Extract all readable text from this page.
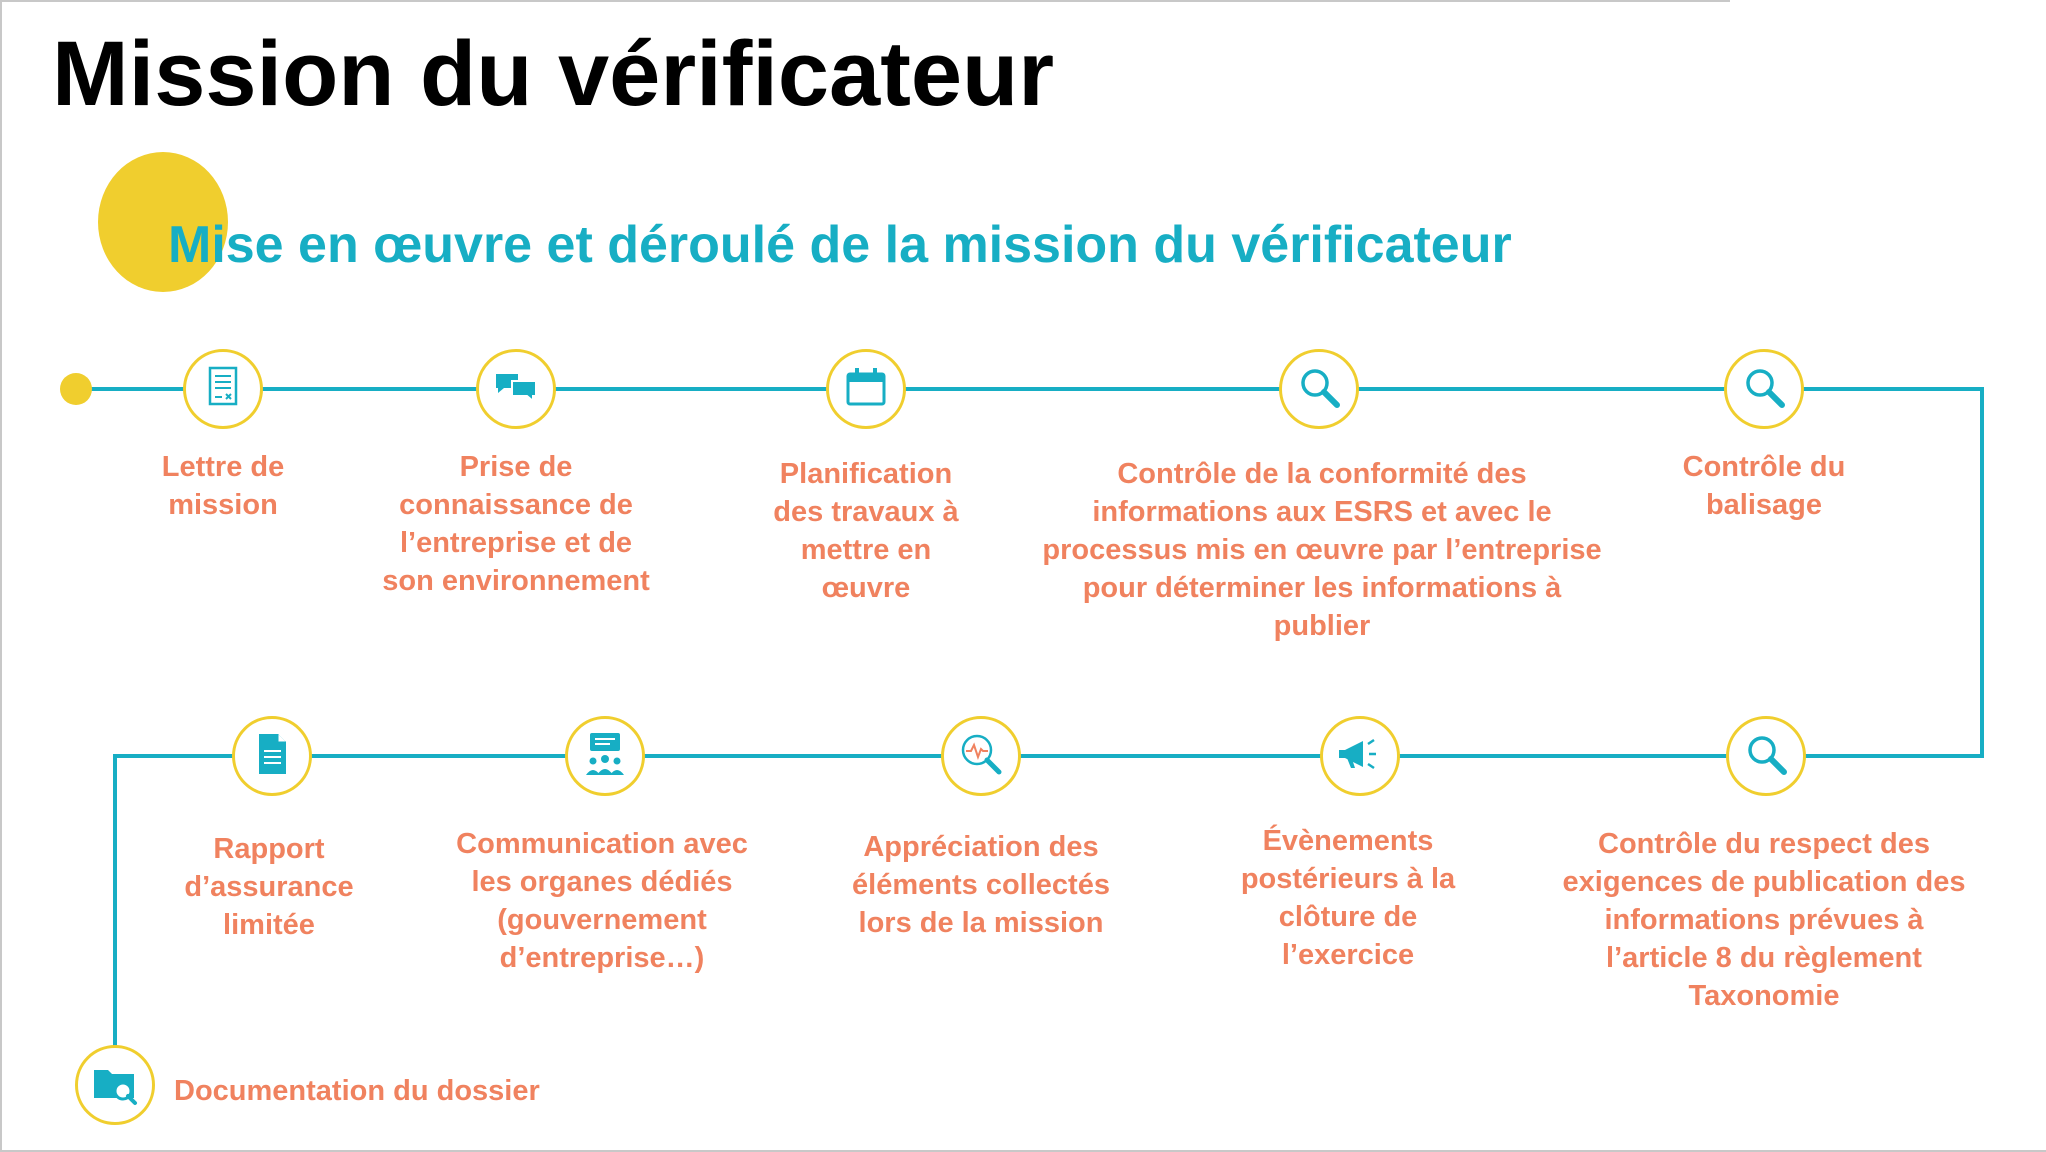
Mission du vérificateur
Mise en œuvre et déroulé de la mission du vérificateur
Lettre de
mission
Prise de
connaissance de
l’entreprise et de
son environnement
Planification
des travaux à
mettre en
œuvre
Contrôle de la conformité des
informations aux ESRS et avec le
processus mis en œuvre par l’entreprise
pour déterminer les informations à
publier
Contrôle du
balisage
Contrôle du respect des
exigences de publication des
informations prévues à
l’article 8 du règlement
Taxonomie
Évènements
postérieurs à la
clôture de
l’exercice
Appréciation des
éléments collectés
lors de la mission
Communication avec
les organes dédiés
(gouvernement
d’entreprise…)
Rapport
d’assurance
limitée
Documentation du dossier
